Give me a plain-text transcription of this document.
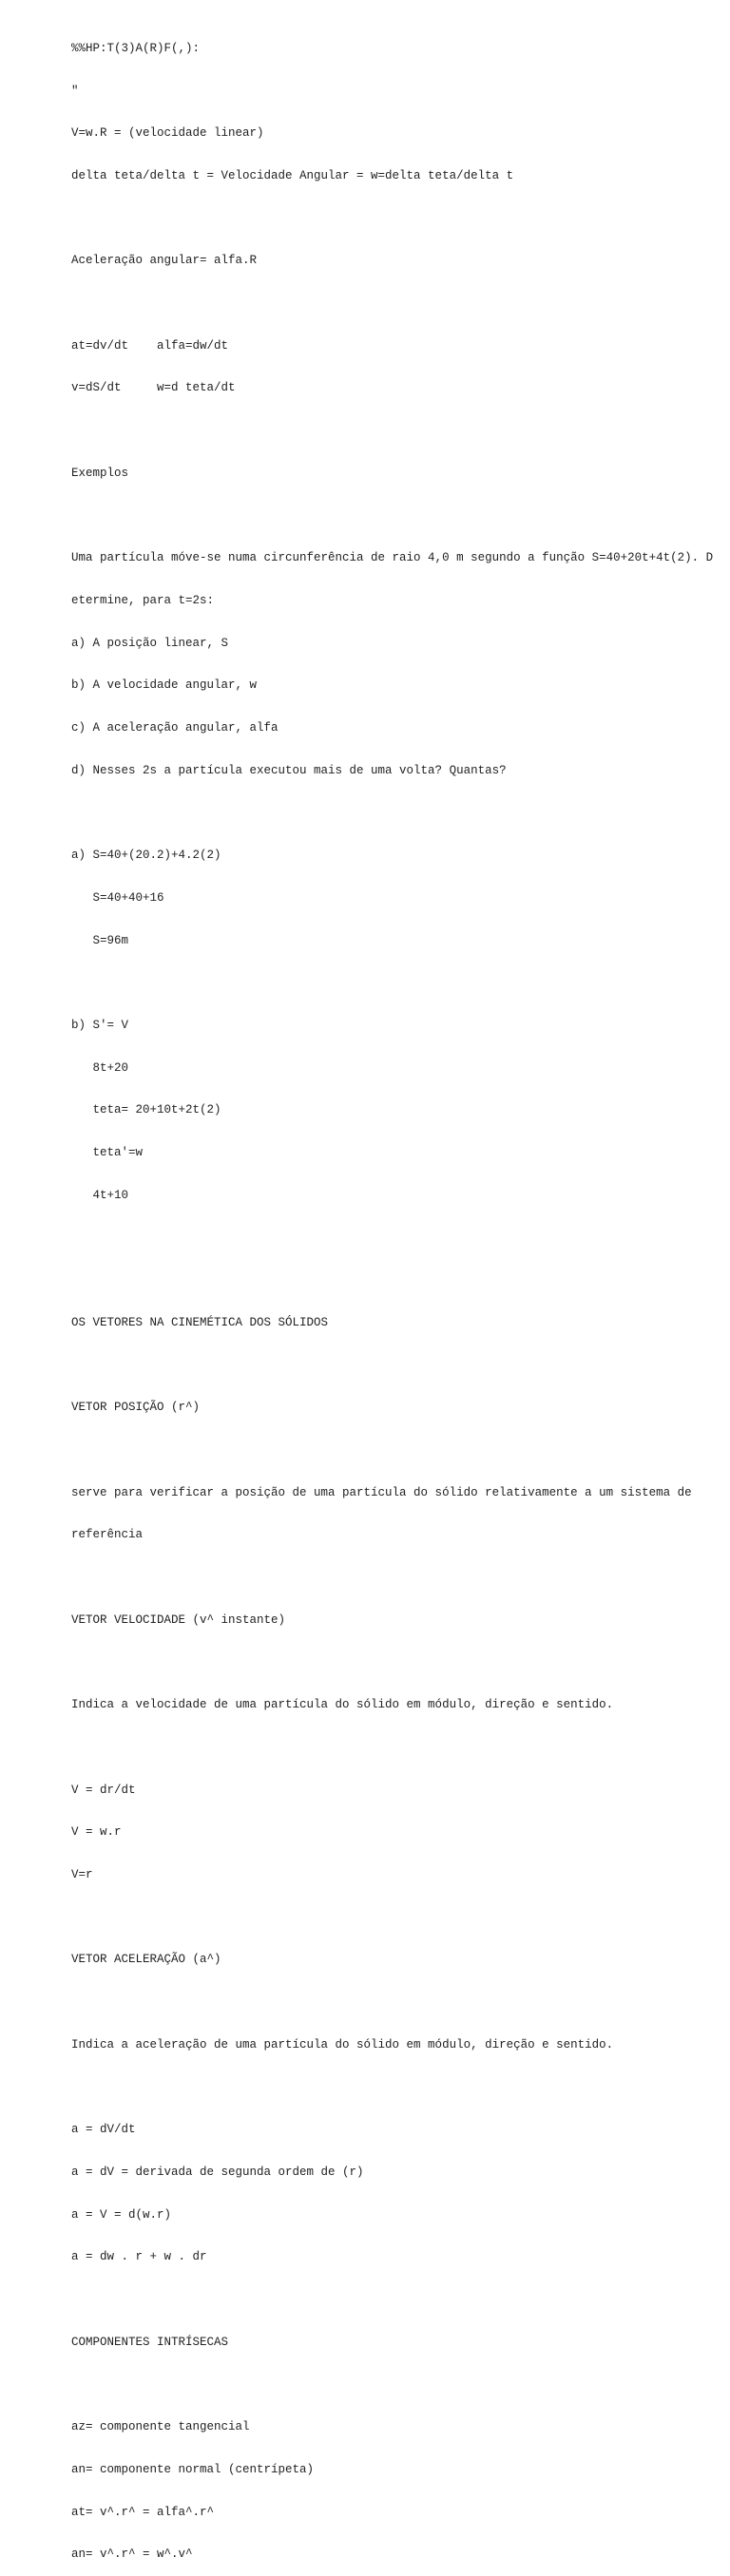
%%HP:T(3)A(R)F(,):

"

V=w.R = (velocidade linear)

delta teta/delta t = Velocidade Angular = w=delta teta/delta t

Aceleração angular= alfa.R

at=dv/dt    alfa=dw/dt

v=dS/dt     w=d teta/dt

Exemplos

Uma partícula móve-se numa circunferência de raio 4,0 m segundo a função S=40+20t+4t(2). D

etermine, para t=2s:

a) A posição linear, S

b) A velocidade angular, w

c) A aceleração angular, alfa

d) Nesses 2s a partícula executou mais de uma volta? Quantas?

a) S=40+(20.2)+4.2(2)

S=40+40+16

S=96m

b) S'= V

8t+20

teta= 20+10t+2t(2)

teta'=w

4t+10

OS VETORES NA CINEMÉTICA DOS SÓLIDOS

VETOR POSIÇÃO (r^)

serve para verificar a posição de uma partícula do sólido relativamente a um sistema de

referência

VETOR VELOCIDADE (v^ instante)

Indica a velocidade de uma partícula do sólido em módulo, direção e sentido.

V = dr/dt

V = w.r

V=r

VETOR ACELERAÇÃO (a^)

Indica a aceleração de uma partícula do sólido em módulo, direção e sentido.

a = dV/dt

a = dV = derivada de segunda ordem de (r)

a = V = d(w.r)

a = dw . r + w . dr

COMPONENTES INTRÍSECAS

az= componente tangencial

an= componente normal (centrípeta)

at= v^.r^ = alfa^.r^

an= v^.r^ = w^.v^
